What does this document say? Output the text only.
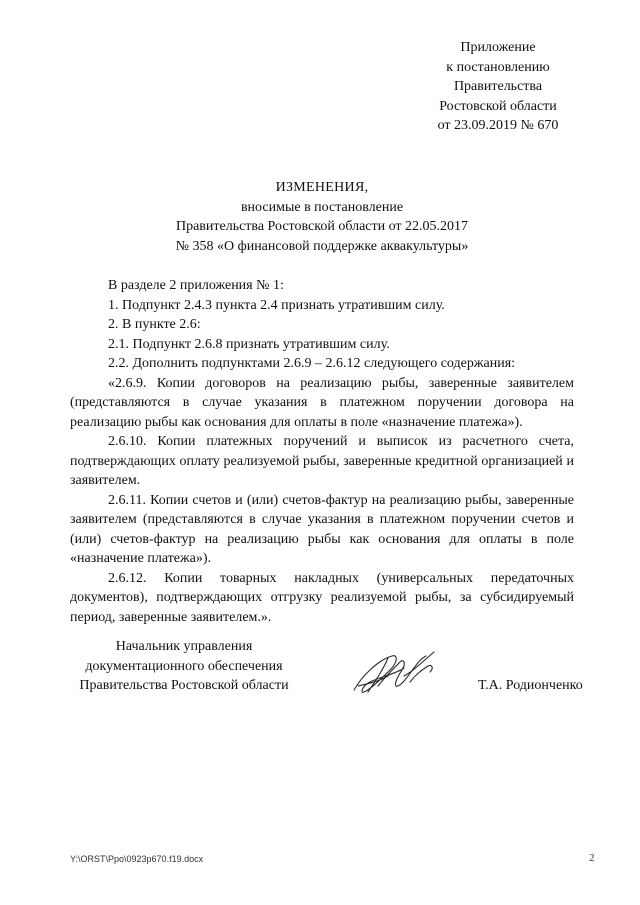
Приложение
к постановлению
Правительства
Ростовской области
от 23.09.2019 № 670
ИЗМЕНЕНИЯ,
вносимые в постановление
Правительства Ростовской области от 22.05.2017
№ 358 «О финансовой поддержке аквакультуры»

В разделе 2 приложения № 1:

1. Подпункт 2.4.3 пункта 2.4 признать утратившим силу.

2. В пункте 2.6:

2.1. Подпункт 2.6.8 признать утратившим силу.

2.2. Дополнить подпунктами 2.6.9 – 2.6.12 следующего содержания:

«2.6.9. Копии договоров на реализацию рыбы, заверенные заявителем (представляются в случае указания в платежном поручении договора на реализацию рыбы как основания для оплаты в поле «назначение платежа»).

2.6.10. Копии платежных поручений и выписок из расчетного счета, подтверждающих оплату реализуемой рыбы, заверенные кредитной организацией и заявителем.

2.6.11. Копии счетов и (или) счетов-фактур на реализацию рыбы, заверенные заявителем (представляются в случае указания в платежном поручении счетов и (или) счетов-фактур на реализацию рыбы как основания для оплаты в поле «назначение платежа»).

2.6.12. Копии товарных накладных (универсальных передаточных документов), подтверждающих отгрузку реализуемой рыбы, за субсидируемый период, заверенные заявителем.».

Начальник управления
документационного обеспечения
Правительства Ростовской области	Т.А. Родионченко
Y:\ORST\Ppo\0923p670.f19.docx	2
